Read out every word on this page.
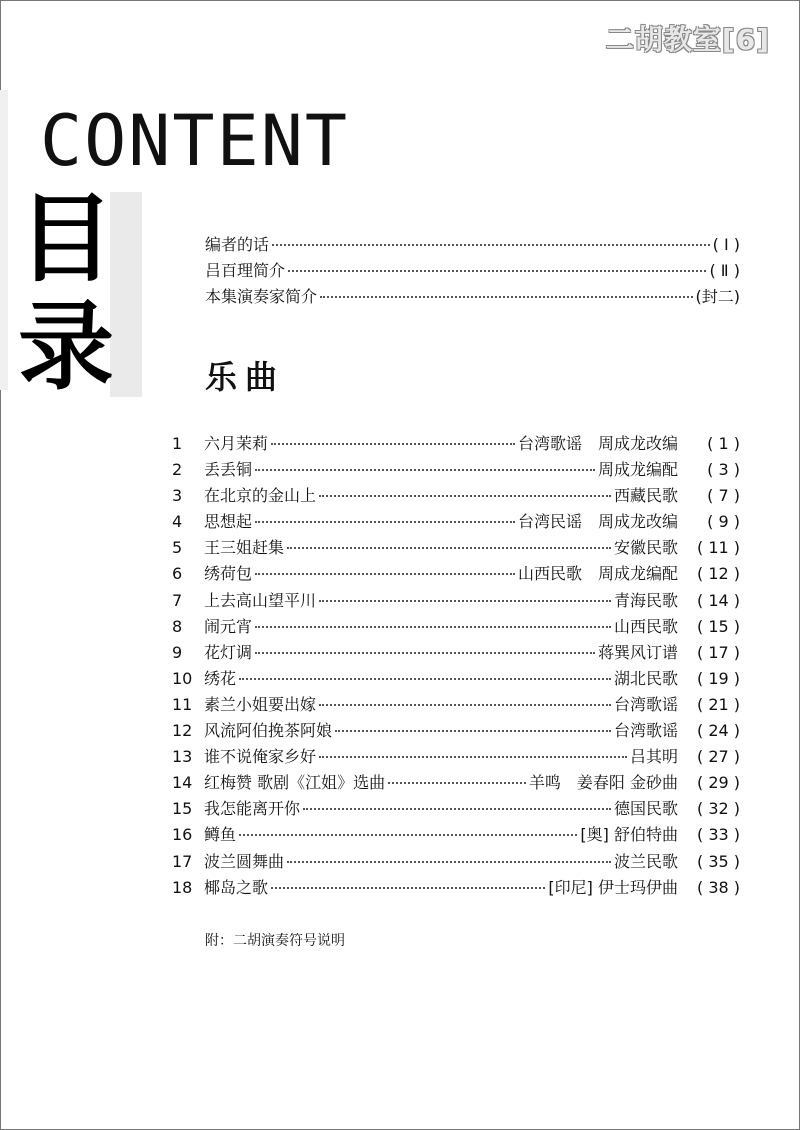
二胡教室[6]
CONTENT
目
录
编者的话	( Ⅰ )
吕百理简介	( Ⅱ )
本集演奏家简介	(封二)
乐曲
1	六月茉莉	台湾歌谣　周成龙改编	( 1 )
2	丢丢铜	周成龙编配	( 3 )
3	在北京的金山上	西藏民歌	( 7 )
4	思想起	台湾民谣　周成龙改编	( 9 )
5	王三姐赶集	安徽民歌	( 11 )
6	绣荷包	山西民歌　周成龙编配	( 12 )
7	上去高山望平川	青海民歌	( 14 )
8	闹元宵	山西民歌	( 15 )
9	花灯调	蒋巽风订谱	( 17 )
10 绣花	湖北民歌	( 19 )
11 素兰小姐要出嫁	台湾歌谣	( 21 )
12 风流阿伯挽茶阿娘	台湾歌谣	( 24 )
13 谁不说俺家乡好	吕其明	( 27 )
14 红梅赞 歌剧《江姐》选曲	羊鸣　姜春阳 金砂曲	( 29 )
15 我怎能离开你	德国民歌	( 32 )
16 鳟鱼	[奥] 舒伯特曲	( 33 )
17 波兰圆舞曲	波兰民歌	( 35 )
18 椰岛之歌	[印尼] 伊士玛伊曲	( 38 )
附：二胡演奏符号说明
